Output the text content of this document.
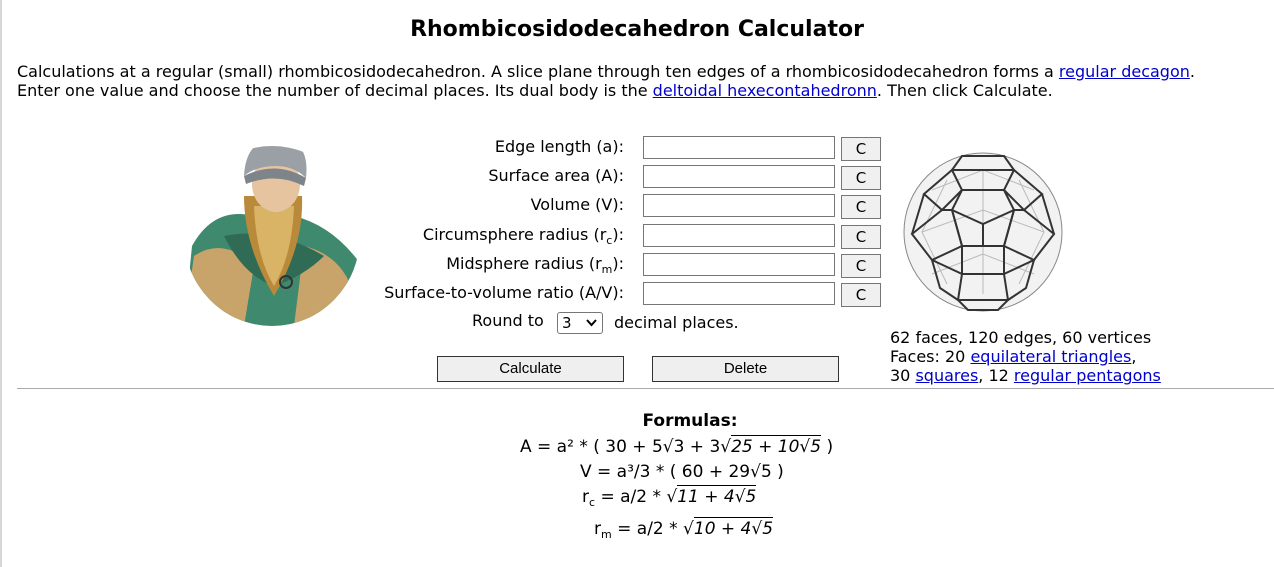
Rhombicosidodecahedron Calculator
Calculations at a regular (small) rhombicosidodecahedron. A slice plane through ten edges of a rhombicosidodecahedron forms a regular decagon.
Enter one value and choose the number of decimal places. Its dual body is the deltoidal hexecontahedronn. Then click Calculate.
Edge length (a):	C
Surface area (A):	C
Volume (V):	C
Circumsphere radius $(r_c)$:	C
Midsphere radius $(r_m)$:	C
Surface-to-volume ratio (A/V):	C
Round to	3	decimal places.
Calculate	Delete
62 faces, 120 edges, 60 vertices
Faces: 20 equilateral triangles,
30 squares, 12 regular pentagons
Formulas:
A = a² * ( 30 + 5√3 + 3√25 + 10√5 )
V = a³/3 * ( 60 + 29√5 )
$r_c = a/2 * √11 + 4√5$
$r_m = a/2 * √10 + 4√5$
